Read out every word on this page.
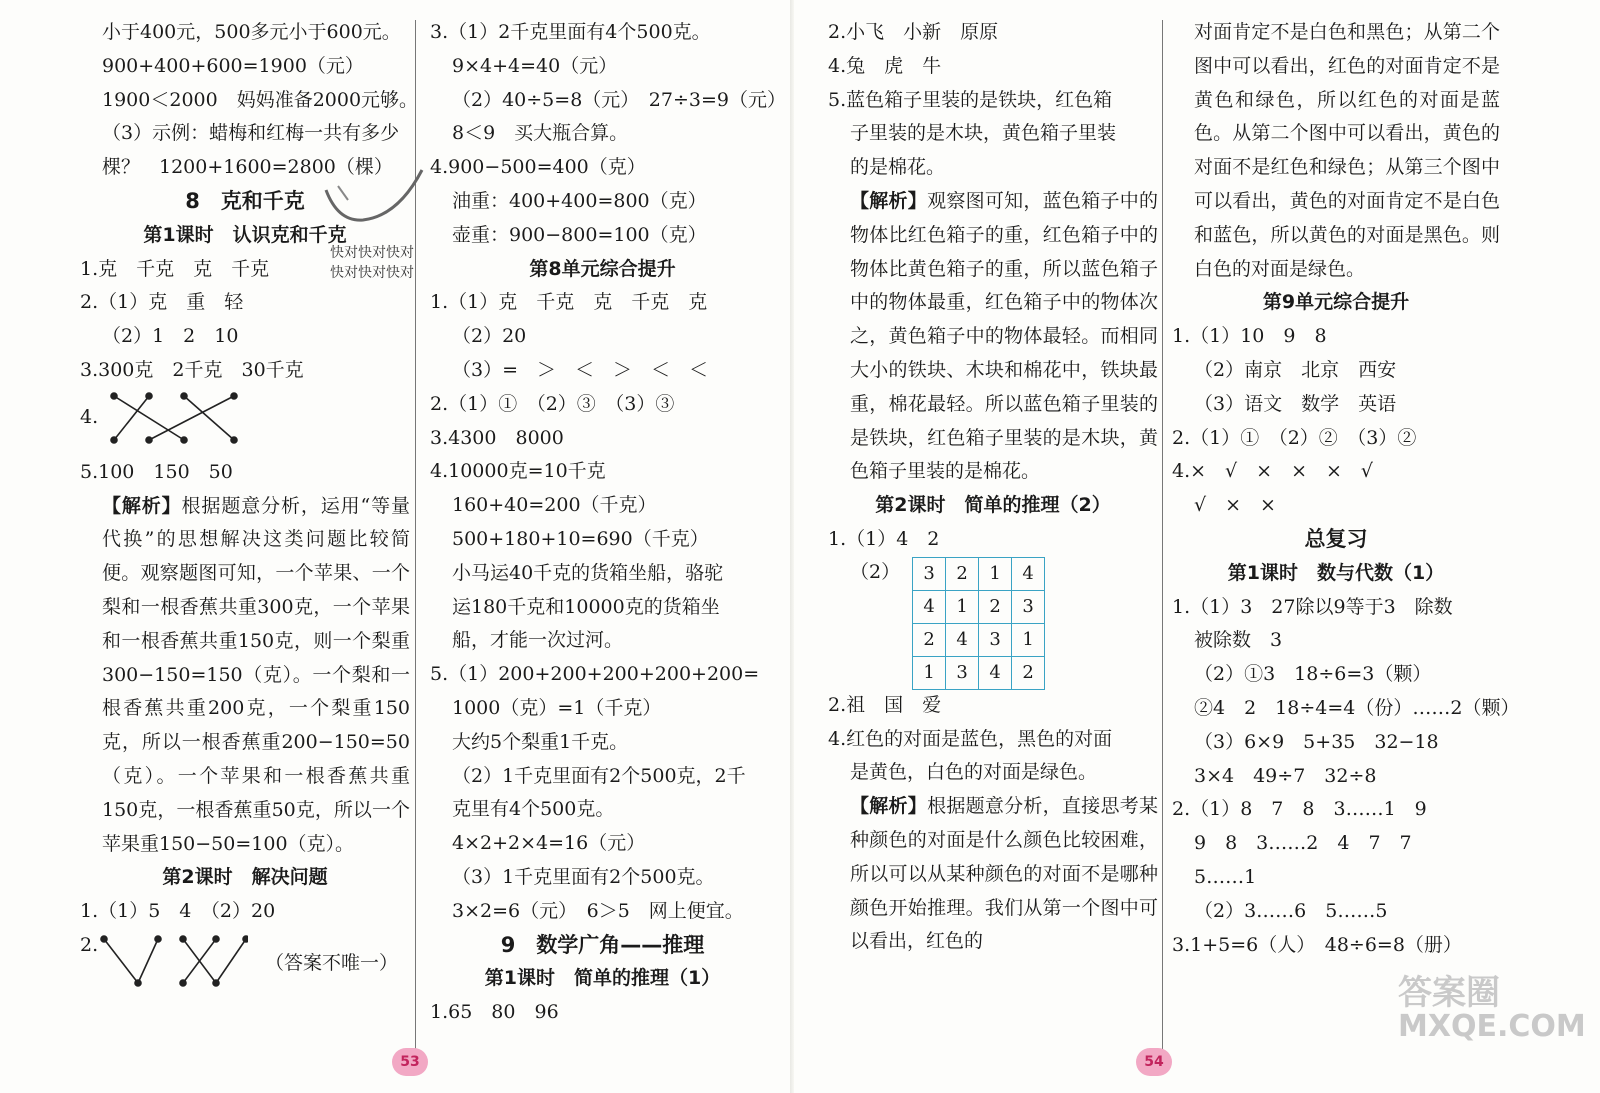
小于400元，500多元小于600元。
900+400+600=1900（元）
1900＜2000　妈妈准备2000元够。
（3）示例：蜡梅和红梅一共有多少
棵？　1200+1600=2800（棵）
8　克和千克
第1课时　认识克和千克
1.克　千克　克　千克
2.（1）克　重　轻
（2）1　2　10
3.300克　2千克　30千克
4.
5.100　150　50
【解析】根据题意分析，运用“等量代换”的思想解决这类问题比较简便。观察题图可知，一个苹果、一个梨和一根香蕉共重300克，一个苹果和一根香蕉共重150克，则一个梨重300−150=150（克）。一个梨和一根香蕉共重200克，一个梨重150克，所以一根香蕉重200−150=50（克）。一个苹果和一根香蕉共重150克，一根香蕉重50克，所以一个苹果重150−50=100（克）。
第2课时　解决问题
1.（1）5　4　（2）20
2.
（答案不唯一）
快对快对快对
快对快对快对
3.（1）2千克里面有4个500克。
9×4+4=40（元）
（2）40÷5=8（元）　27÷3=9（元）
8＜9　买大瓶合算。
4.900−500=400（克）
油重：400+400=800（克）
壶重：900−800=100（克）
第8单元综合提升
1.（1）克　千克　克　千克　克
（2）20
（3）=　＞　＜　＞　＜　＜
2.（1）①　（2）③　（3）③
3.4300　8000
4.10000克=10千克
160+40=200（千克）
500+180+10=690（千克）
小马运40千克的货箱坐船，骆驼
运180千克和10000克的货箱坐
船，才能一次过河。
5.（1）200+200+200+200+200=
1000（克）=1（千克）
大约5个梨重1千克。
（2）1千克里面有2个500克，2千
克里有4个500克。
4×2+2×4=16（元）
（3）1千克里面有2个500克。
3×2=6（元）　6＞5　网上便宜。
9　数学广角——推理
第1课时　简单的推理（1）
1.65　80　96
2.小飞　小新　原原
4.兔　虎　牛
5.蓝色箱子里装的是铁块，红色箱
子里装的是木块，黄色箱子里装
的是棉花。
【解析】观察图可知，蓝色箱子中的物体比红色箱子的重，红色箱子中的物体比黄色箱子的重，所以蓝色箱子中的物体最重，红色箱子中的物体次之，黄色箱子中的物体最轻。而相同大小的铁块、木块和棉花中，铁块最重，棉花最轻。所以蓝色箱子里装的是铁块，红色箱子里装的是木块，黄色箱子里装的是棉花。
第2课时　简单的推理（2）
1.（1）4　2
（2） 3	2	1	4
4	1	2	3
2	4	3	1
1	3	4	2
2.祖　国　爱
4.红色的对面是蓝色，黑色的对面
是黄色，白色的对面是绿色。
【解析】根据题意分析，直接思考某种颜色的对面是什么颜色比较困难，所以可以从某种颜色的对面不是哪种颜色开始推理。我们从第一个图中可以看出，红色的
对面肯定不是白色和黑色；从第二个图中可以看出，红色的对面肯定不是黄色和绿色，所以红色的对面是蓝色。从第二个图中可以看出，黄色的对面不是红色和绿色；从第三个图中可以看出，黄色的对面肯定不是白色和蓝色，所以黄色的对面是黑色。则白色的对面是绿色。
第9单元综合提升
1.（1）10　9　8
（2）南京　北京　西安
（3）语文　数学　英语
2.（1）①　（2）②　（3）②
4.×　√　×　×　×　√
√　×　×
总复习
第1课时　数与代数（1）
1.（1）3　27除以9等于3　除数
被除数　3
（2）①3　18÷6=3（颗）
②4　2　18÷4=4（份）……2（颗）
（3）6×9　5+35　32−18
3×4　49÷7　32÷8
2.（1）8　7　8　3……1　9
9　8　3……2　4　7　7
5……1
（2）3……6　5……5
3.1+5=6（人）　48÷6=8（册）
53	54
答案圈
MXQE.COM
